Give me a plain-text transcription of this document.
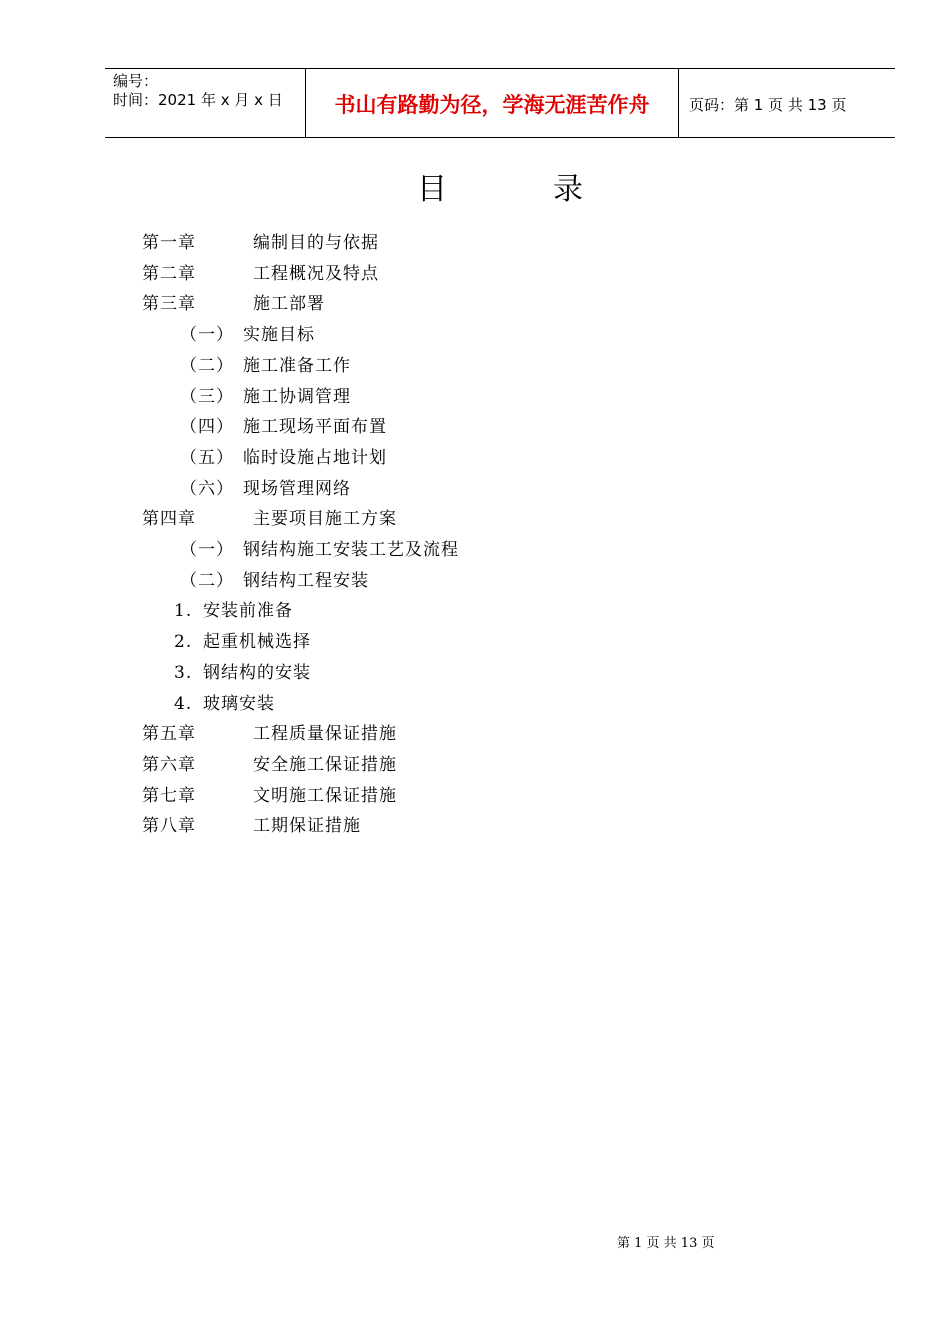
编号：
时间：2021 年 x 月 x 日	书山有路勤为径，学海无涯苦作舟	页码：第 1 页 共 13 页
目	录
第一章	编制目的与依据
第二章	工程概况及特点
第三章	施工部署
（一） 实施目标
（二） 施工准备工作
（三） 施工协调管理
（四） 施工现场平面布置
（五） 临时设施占地计划
（六） 现场管理网络
第四章	主要项目施工方案
（一） 钢结构施工安装工艺及流程
（二） 钢结构工程安装
1. 安装前准备
2. 起重机械选择
3. 钢结构的安装
4. 玻璃安装
第五章	工程质量保证措施
第六章	安全施工保证措施
第七章	文明施工保证措施
第八章	工期保证措施
第 1 页 共 13 页
